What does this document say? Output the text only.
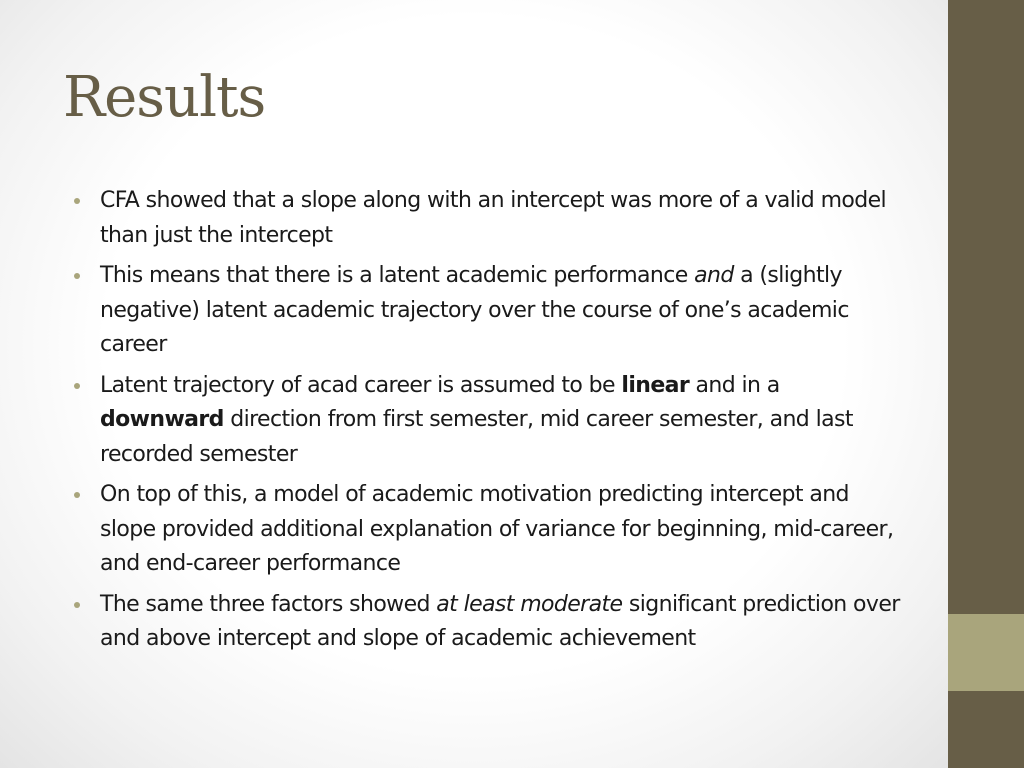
Results
CFA showed that a slope along with an intercept was more of a valid model than just the intercept
This means that there is a latent academic performance and a (slightly negative) latent academic trajectory over the course of one’s academic career
Latent trajectory of acad career is assumed to be linear and in a downward direction from first semester, mid career semester, and last recorded semester
On top of this, a model of academic motivation predicting intercept and slope provided additional explanation of variance for beginning, mid-career, and end-career performance
The same three factors showed at least moderate significant prediction over and above intercept and slope of academic achievement
